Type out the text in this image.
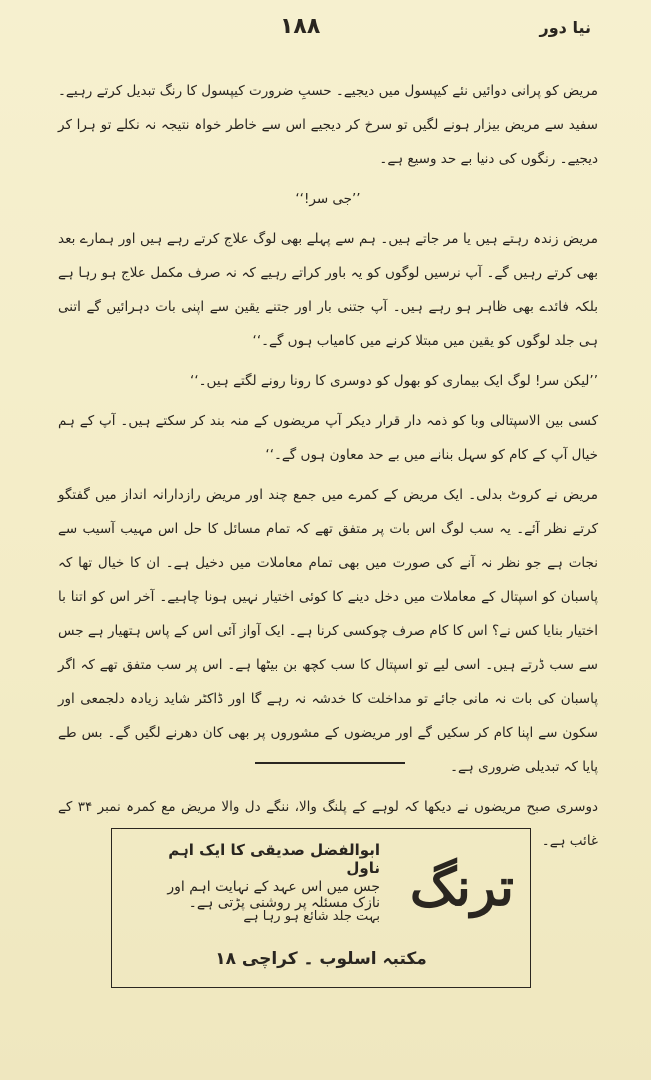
۱۸۸	نیا دور

مریض کو پرانی دوائیں نئے کیپسول میں دیجیے۔ حسبِ ضرورت کیپسول کا رنگ تبدیل کرتے رہیے۔ سفید سے مریض بیزار ہونے لگیں تو سرخ کر دیجیے اس سے خاطر خواہ نتیجہ نہ نکلے تو ہرا کر دیجیے۔ رنگوں کی دنیا بے حد وسیع ہے۔

’’جی سر!‘‘

مریض زندہ رہتے ہیں یا مر جاتے ہیں۔ ہم سے پہلے بھی لوگ علاج کرتے رہے ہیں اور ہمارے بعد بھی کرتے رہیں گے۔ آپ نرسیں لوگوں کو یہ باور کراتے رہیے کہ نہ صرف مکمل علاج ہو رہا ہے بلکہ فائدے بھی ظاہر ہو رہے ہیں۔ آپ جتنی بار اور جتنے یقین سے اپنی بات دہرائیں گے اتنی ہی جلد لوگوں کو یقین میں مبتلا کرنے میں کامیاب ہوں گے۔‘‘

’’لیکن سر! لوگ ایک بیماری کو بھول کو دوسری کا رونا رونے لگتے ہیں۔‘‘

کسی بین الاسپتالی وبا کو ذمہ دار قرار دیکر آپ مریضوں کے منہ بند کر سکتے ہیں۔ آپ کے ہم خیال آپ کے کام کو سہل بنانے میں بے حد معاون ہوں گے۔‘‘

مریض نے کروٹ بدلی۔ ایک مریض کے کمرے میں جمع چند اور مریض رازدارانہ انداز میں گفتگو کرتے نظر آئے۔ یہ سب لوگ اس بات پر متفق تھے کہ تمام مسائل کا حل اس مہیب آسیب سے نجات ہے جو نظر نہ آنے کی صورت میں بھی تمام معاملات میں دخیل ہے۔ ان کا خیال تھا کہ پاسبان کو اسپتال کے معاملات میں دخل دینے کا کوئی اختیار نہیں ہونا چاہیے۔ آخر اس کو اتنا با اختیار بنایا کس نے؟ اس کا کام صرف چوکسی کرنا ہے۔ ایک آواز آئی اس کے پاس ہتھیار ہے جس سے سب ڈرتے ہیں۔ اسی لیے تو اسپتال کا سب کچھ بن بیٹھا ہے۔ اس پر سب متفق تھے کہ اگر پاسبان کی بات نہ مانی جائے تو مداخلت کا خدشہ نہ رہے گا اور ڈاکٹر شاید زیادہ دلجمعی اور سکون سے اپنا کام کر سکیں گے اور مریضوں کے مشوروں پر بھی کان دھرنے لگیں گے۔ بس طے پایا کہ تبدیلی ضروری ہے۔

دوسری صبح مریضوں نے دیکھا کہ لوہے کے پلنگ والا، ننگے دل والا مریض مع کمرہ نمبر ۳۴ کے غائب ہے۔

ترنگ
ابوالفضل صدیقی کا ایک اہم ناول
جس میں اس عہد کے نہایت اہم اور نازک مسئلہ پر روشنی پڑتی ہے۔
بہت جلد شائع ہو رہا ہے
مکتبہ اسلوب ۔ کراچی ۱۸
